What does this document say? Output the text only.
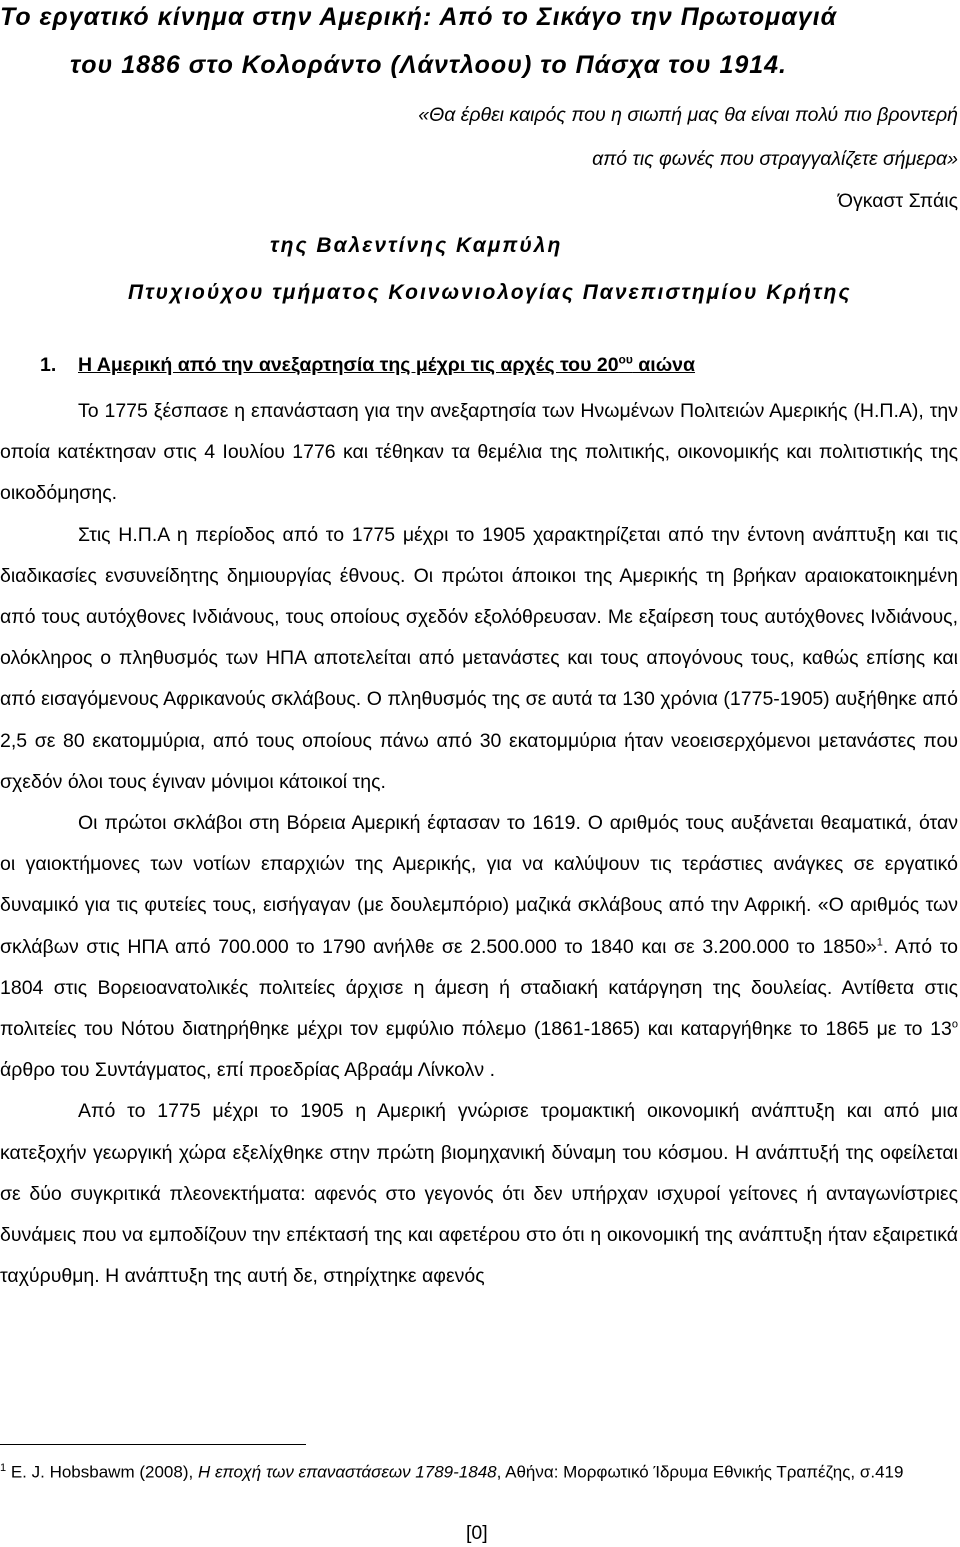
Το εργατικό κίνημα στην Αμερική: Από το Σικάγο την Πρωτομαγιά
του 1886 στο Κολοράντο (Λάντλοου) το Πάσχα του 1914.
«Θα έρθει καιρός που η σιωπή μας θα είναι πολύ πιο βροντερή
από τις φωνές που στραγγαλίζετε σήμερα»
Όγκαστ Σπάις
της Βαλεντίνης Καμπύλη
Πτυχιούχου τμήματος Κοινωνιολογίας Πανεπιστημίου Κρήτης
1. Η Αμερική από την ανεξαρτησία της μέχρι τις αρχές του $20^{o\upsilon}$ αιώνα

Το 1775 ξέσπασε η επανάσταση για την ανεξαρτησία των Ηνωμένων Πολιτειών Αμερικής (Η.Π.Α), την οποία κατέκτησαν στις 4 Ιουλίου 1776 και τέθηκαν τα θεμέλια της πολιτικής, οικονομικής και πολιτιστικής της οικοδόμησης.

Στις Η.Π.Α η περίοδος από το 1775 μέχρι το 1905 χαρακτηρίζεται από την έντονη ανάπτυξη και τις διαδικασίες ενσυνείδητης δημιουργίας έθνους. Οι πρώτοι άποικοι της Αμερικής τη βρήκαν αραιοκατοικημένη από τους αυτόχθονες Ινδιάνους, τους οποίους σχεδόν εξολόθρευσαν. Με εξαίρεση τους αυτόχθονες Ινδιάνους, ολόκληρος ο πληθυσμός των ΗΠΑ αποτελείται από μετανάστες και τους απογόνους τους, καθώς επίσης και από εισαγόμενους Αφρικανούς σκλάβους. Ο πληθυσμός της σε αυτά τα 130 χρόνια (1775-1905) αυξήθηκε από 2,5 σε 80 εκατομμύρια, από τους οποίους πάνω από 30 εκατομμύρια ήταν νεοεισερχόμενοι μετανάστες που σχεδόν όλοι τους έγιναν μόνιμοι κάτοικοί της.

Οι πρώτοι σκλάβοι στη Βόρεια Αμερική έφτασαν το 1619. Ο αριθμός τους αυξάνεται θεαματικά, όταν οι γαιοκτήμονες των νοτίων επαρχιών της Αμερικής, για να καλύψουν τις τεράστιες ανάγκες σε εργατικό δυναμικό για τις φυτείες τους, εισήγαγαν (με δουλεμπόριο) μαζικά σκλάβους από την Αφρική. «Ο αριθμός των σκλάβων στις ΗΠΑ από 700.000 το 1790 ανήλθε σε 2.500.000 το 1840 και σε 3.200.000 το 1850»$^1$. Από το 1804 στις Βορειοανατολικές πολιτείες άρχισε η άμεση ή σταδιακή κατάργηση της δουλείας. Αντίθετα στις πολιτείες του Νότου διατηρήθηκε μέχρι τον εμφύλιο πόλεμο (1861-1865) και καταργήθηκε το 1865 με το $13^o$ άρθρο του Συντάγματος, επί προεδρίας Αβραάμ Λίνκολν .

Από το 1775 μέχρι το 1905 η Αμερική γνώρισε τρομακτική οικονομική ανάπτυξη και από μια κατεξοχήν γεωργική χώρα εξελίχθηκε στην πρώτη βιομηχανική δύναμη του κόσμου. Η ανάπτυξή της οφείλεται σε δύο συγκριτικά πλεονεκτήματα: αφενός στο γεγονός ότι δεν υπήρχαν ισχυροί γείτονες ή ανταγωνίστριες δυνάμεις που να εμποδίζουν την επέκτασή της και αφετέρου στο ότι η οικονομική της ανάπτυξη ήταν εξαιρετικά ταχύρυθμη. Η ανάπτυξη της αυτή δε, στηρίχτηκε αφενός

$^1$ E. J. Hobsbawm (2008), Η εποχή των επαναστάσεων 1789-1848, Αθήνα: Μορφωτικό Ίδρυμα Εθνικής Τραπέζης, σ.419
[0]
